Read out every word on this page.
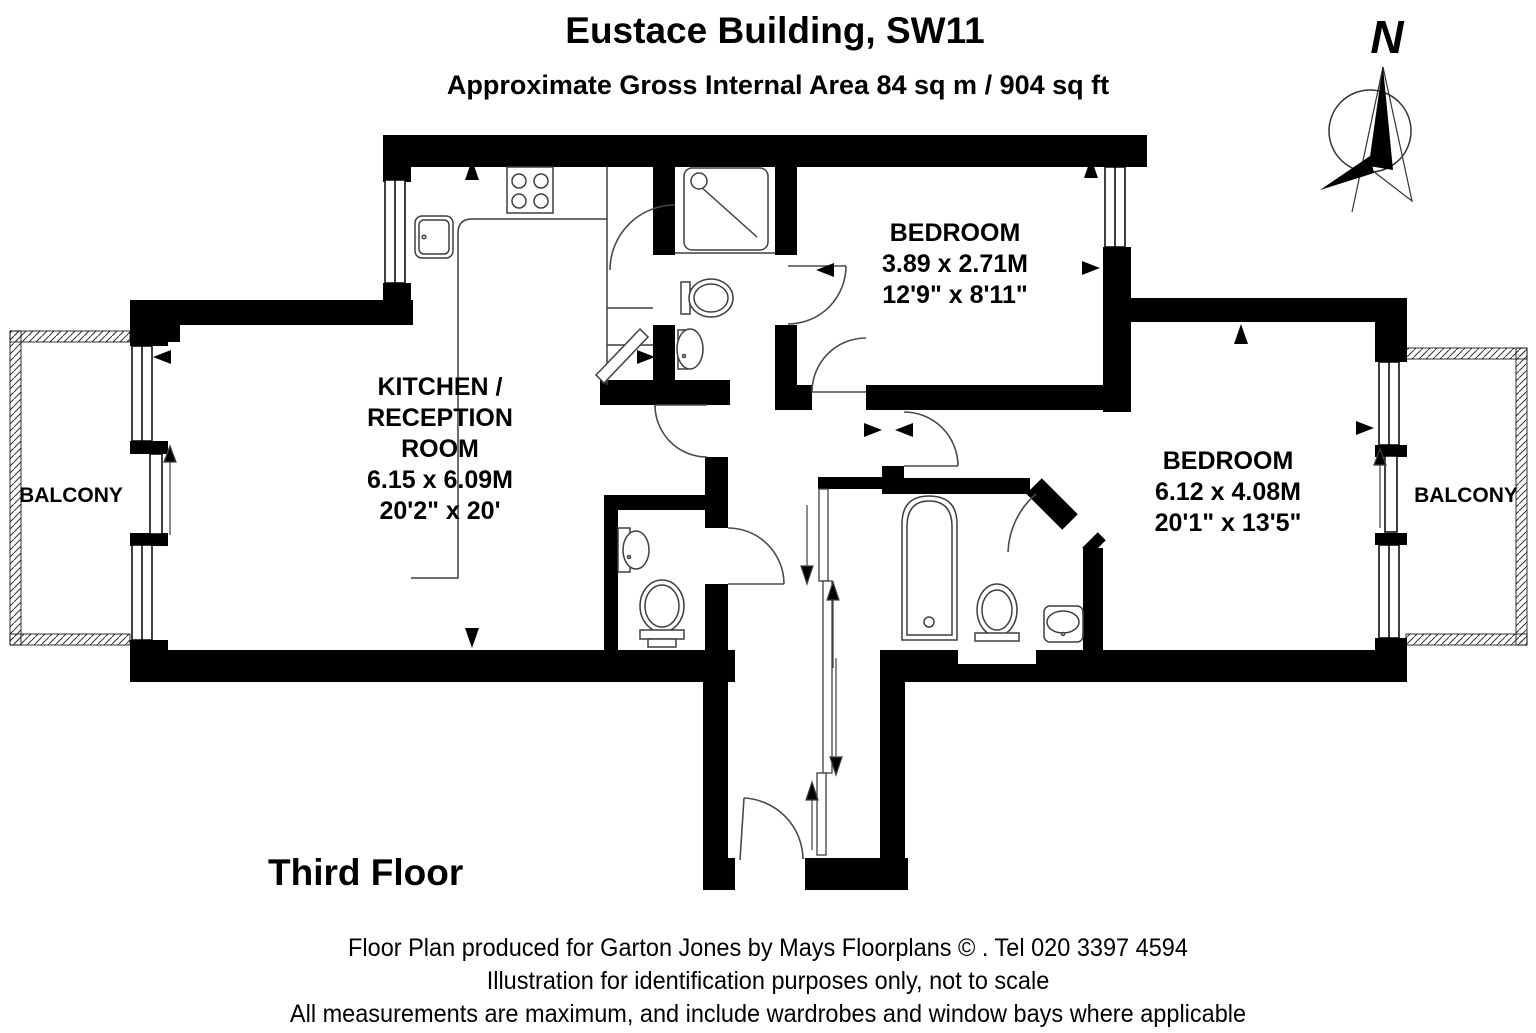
Eustace Building, SW11
Approximate Gross Internal Area 84 sq m / 904 sq ft
N
KITCHEN /
RECEPTION
ROOM
6.15 x 6.09M
20'2" x 20'
BEDROOM
3.89 x 2.71M
12'9" x 8'11"
BEDROOM
6.12 x 4.08M
20'1" x 13'5"
BALCONY	BALCONY
Third Floor
Floor Plan produced for Garton Jones by Mays Floorplans © . Tel 020 3397 4594
Illustration for identification purposes only, not to scale
All measurements are maximum, and include wardrobes and window bays where applicable
